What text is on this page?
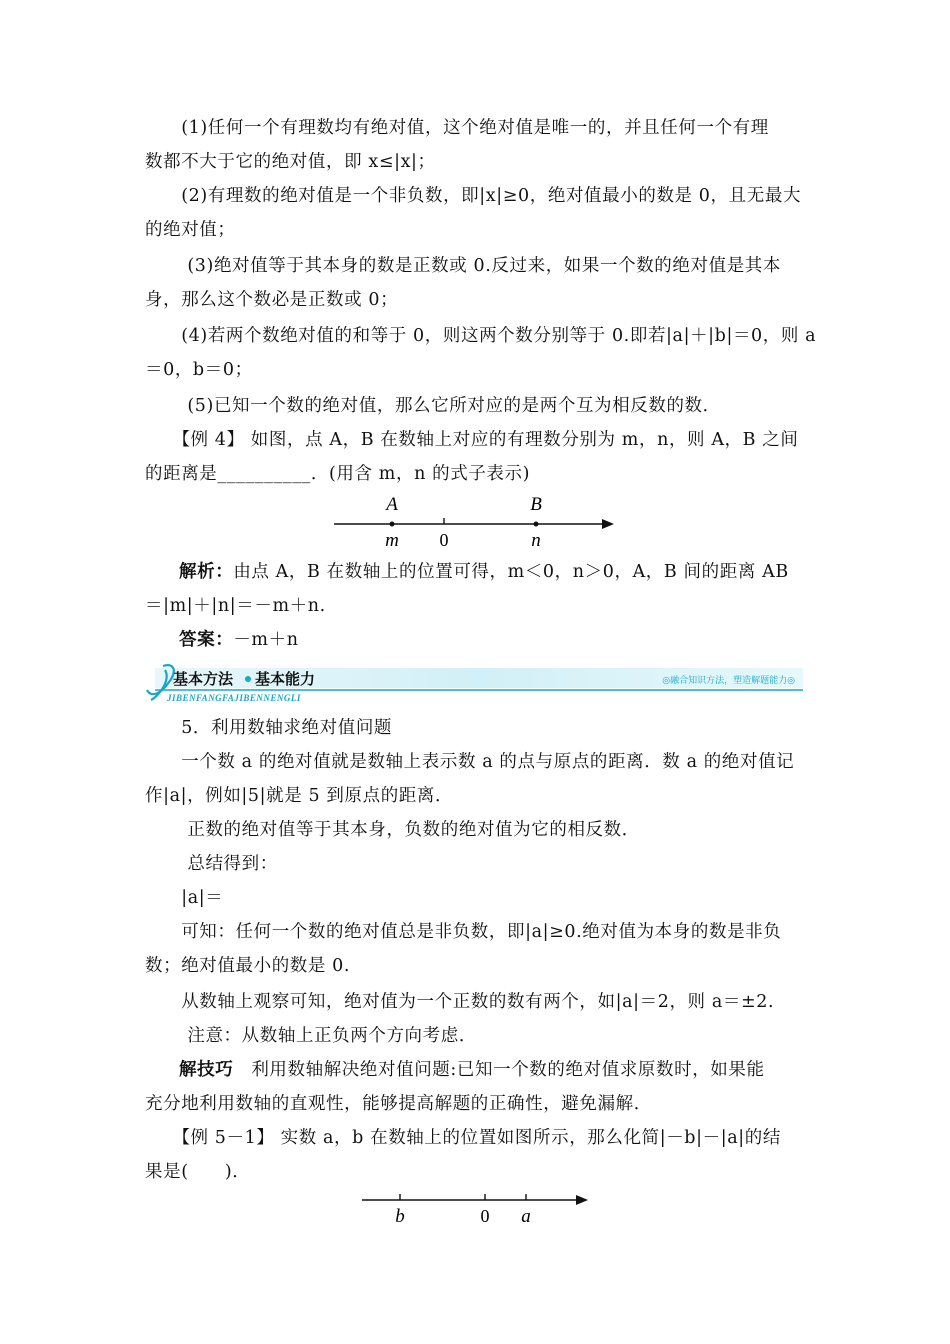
　　(1)任何一个有理数均有绝对值，这个绝对值是唯一的，并且任何一个有理
数都不大于它的绝对值，即 x≤|x|；
　　(2)有理数的绝对值是一个非负数，即|x|≥0，绝对值最小的数是 0，且无最大
的绝对值；
　　 (3)绝对值等于其本身的数是正数或 0.反过来，如果一个数的绝对值是其本
身，那么这个数必是正数或 0；
　　(4)若两个数绝对值的和等于 0，则这两个数分别等于 0.即若|a|＋|b|＝0，则 a
＝0，b＝0；
　　 (5)已知一个数的绝对值，那么它所对应的是两个互为相反数的数．
　　【例 4】 如图，点 A，B 在数轴上对应的有理数分别为 m，n，则 A，B 之间
的距离是__________．(用含 m，n 的式子表示)
A	B
m 0	n
解析：由点 A，B 在数轴上的位置可得，m＜0，n＞0，A，B 间的距离 AB
＝|m|＋|n|＝－m＋n.
答案：－m＋n
基本方法 基本能力
JIBENFANGFAJIBENNENGLI
◎融合知识方法，塑造解题能力◎
　　5．利用数轴求绝对值问题
　　一个数 a 的绝对值就是数轴上表示数 a 的点与原点的距离．数 a 的绝对值记
作|a|，例如|5|就是 5 到原点的距离．
　　 正数的绝对值等于其本身，负数的绝对值为它的相反数．
　　 总结得到：
　　|a|＝
　　可知：任何一个数的绝对值总是非负数，即|a|≥0.绝对值为本身的数是非负
数；绝对值最小的数是 0.
　　从数轴上观察可知，绝对值为一个正数的数有两个，如|a|＝2，则 a＝±2.
　　 注意：从数轴上正负两个方向考虑．
解技巧 利用数轴解决绝对值问题:已知一个数的绝对值求原数时，如果能
充分地利用数轴的直观性，能够提高解题的正确性，避免漏解．
　　【例 5－1】 实数 a，b 在数轴上的位置如图所示，那么化简|－b|－|a|的结
果是(　　)．
b	0 a
